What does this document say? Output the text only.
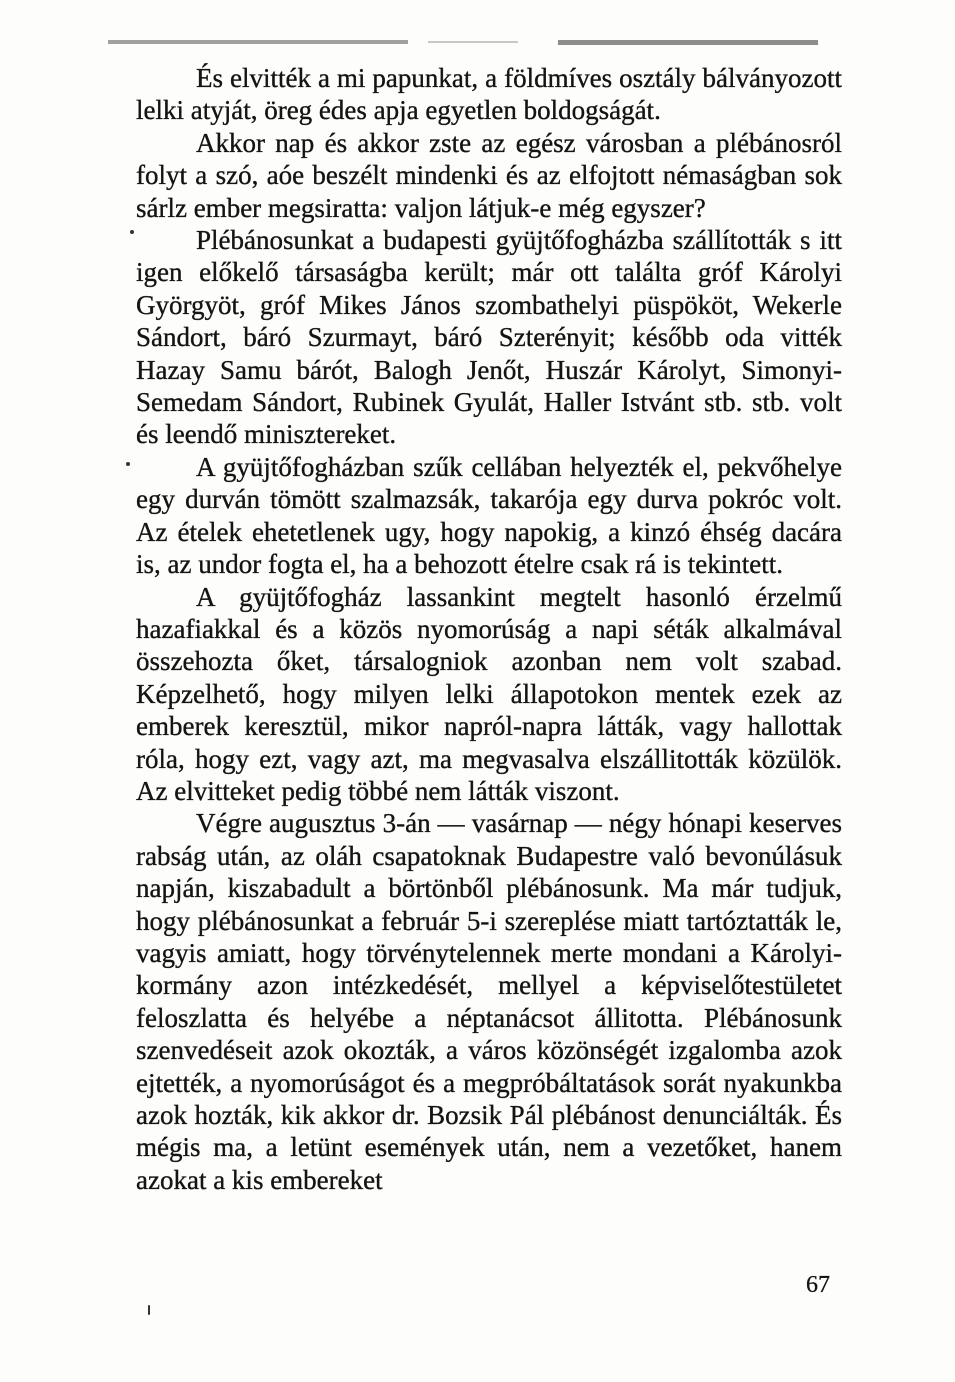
És elvitték a mi papunkat, a földmíves osztály bálványozott lelki atyját, öreg édes apja egyetlen boldogságát.

Akkor nap és akkor zste az egész városban a plébánosról folyt a szó, aóe beszélt mindenki és az elfojtott némaságban sok sárlz ember megsiratta: valjon látjuk-e még egyszer?

Plébánosunkat a budapesti gyüjtőfogházba szállították s itt igen előkelő társaságba került; már ott találta gróf Károlyi Györgyöt, gróf Mikes János szombathelyi püspököt, Wekerle Sándort, báró Szurmayt, báró Szterényit; később oda vitték Hazay Samu bárót, Balogh Jenőt, Huszár Károlyt, Simonyi-Semedam Sándort, Rubinek Gyulát, Haller Istvánt stb. stb. volt és leendő minisztereket.

A gyüjtőfogházban szűk cellában helyezték el, pekvőhelye egy durván tömött szalmazsák, takarója egy durva pokróc volt. Az ételek ehetetlenek ugy, hogy napokig, a kinzó éhség dacára is, az undor fogta el, ha a behozott ételre csak rá is tekintett.

A gyüjtőfogház lassankint megtelt hasonló érzelmű hazafiakkal és a közös nyomorúság a napi séták alkalmával összehozta őket, társalogniok azonban nem volt szabad. Képzelhető, hogy milyen lelki állapotokon mentek ezek az emberek keresztül, mikor napról-napra látták, vagy hallottak róla, hogy ezt, vagy azt, ma megvasalva elszállitották közülök. Az elvitteket pedig többé nem látták viszont.

Végre augusztus 3-án — vasárnap — négy hónapi keserves rabság után, az oláh csapatoknak Budapestre való bevonúlásuk napján, kiszabadult a börtönből plébánosunk. Ma már tudjuk, hogy plébánosunkat a február 5-i szereplése miatt tartóztatták le, vagyis amiatt, hogy törvénytelennek merte mondani a Károlyi-kormány azon intézkedését, mellyel a képviselőtestületet feloszlatta és helyébe a néptanácsot állitotta. Plébánosunk szenvedéseit azok okozták, a város közönségét izgalomba azok ejtették, a nyomorúságot és a megpróbáltatások sorát nyakunkba azok hozták, kik akkor dr. Bozsik Pál plébánost denunciálták. És mégis ma, a letünt események után, nem a vezetőket, hanem azokat a kis embereket

67
